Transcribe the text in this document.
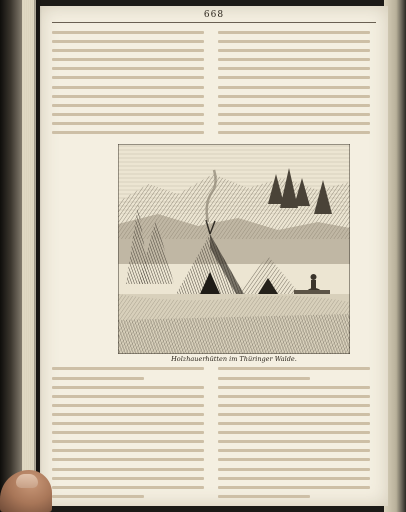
668
Holzhauerhütten im Thüringer Walde.
